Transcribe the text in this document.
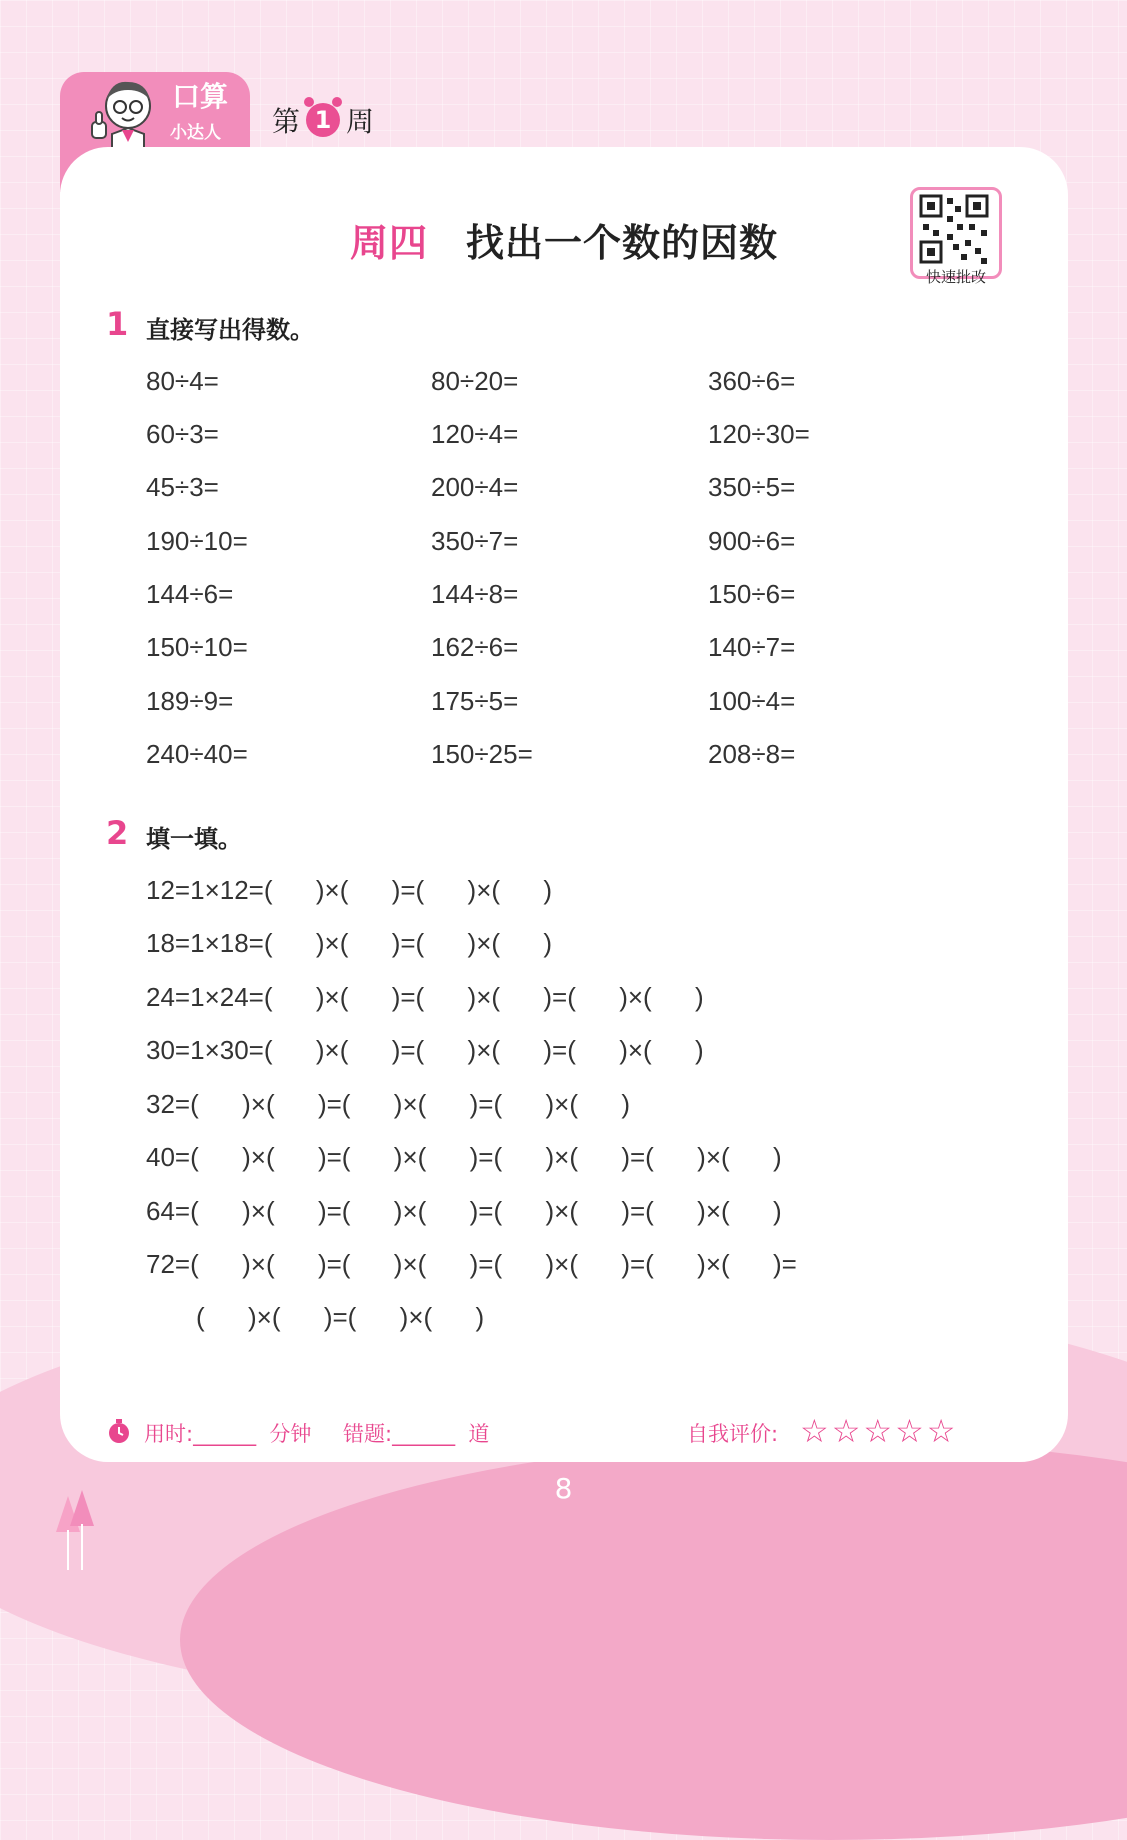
口算
小达人 第 1 周
周四 找出一个数的因数
快速批改
1 直接写出得数。
80÷4=
60÷3=
45÷3=
190÷10=
144÷6=
150÷10=
189÷9=
240÷40=
80÷20=
120÷4=
200÷4=
350÷7=
144÷8=
162÷6=
175÷5=
150÷25=
360÷6=
120÷30=
350÷5=
900÷6=
150÷6=
140÷7=
100÷4=
208÷8=
2 填一填。
12=1×12=(      )×(      )=(      )×(      )
18=1×18=(      )×(      )=(      )×(      )
24=1×24=(      )×(      )=(      )×(      )=(      )×(      )
30=1×30=(      )×(      )=(      )×(      )=(      )×(      )
32=(      )×(      )=(      )×(      )=(      )×(      )
40=(      )×(      )=(      )×(      )=(      )×(      )=(      )×(      )
64=(      )×(      )=(      )×(      )=(      )×(      )=(      )×(      )
72=(      )×(      )=(      )×(      )=(      )×(      )=(      )×(      )=
(      )×(      )=(      )×(      )
用时:______  分钟 错题:______  道	自我评价: ☆☆☆☆☆
8
